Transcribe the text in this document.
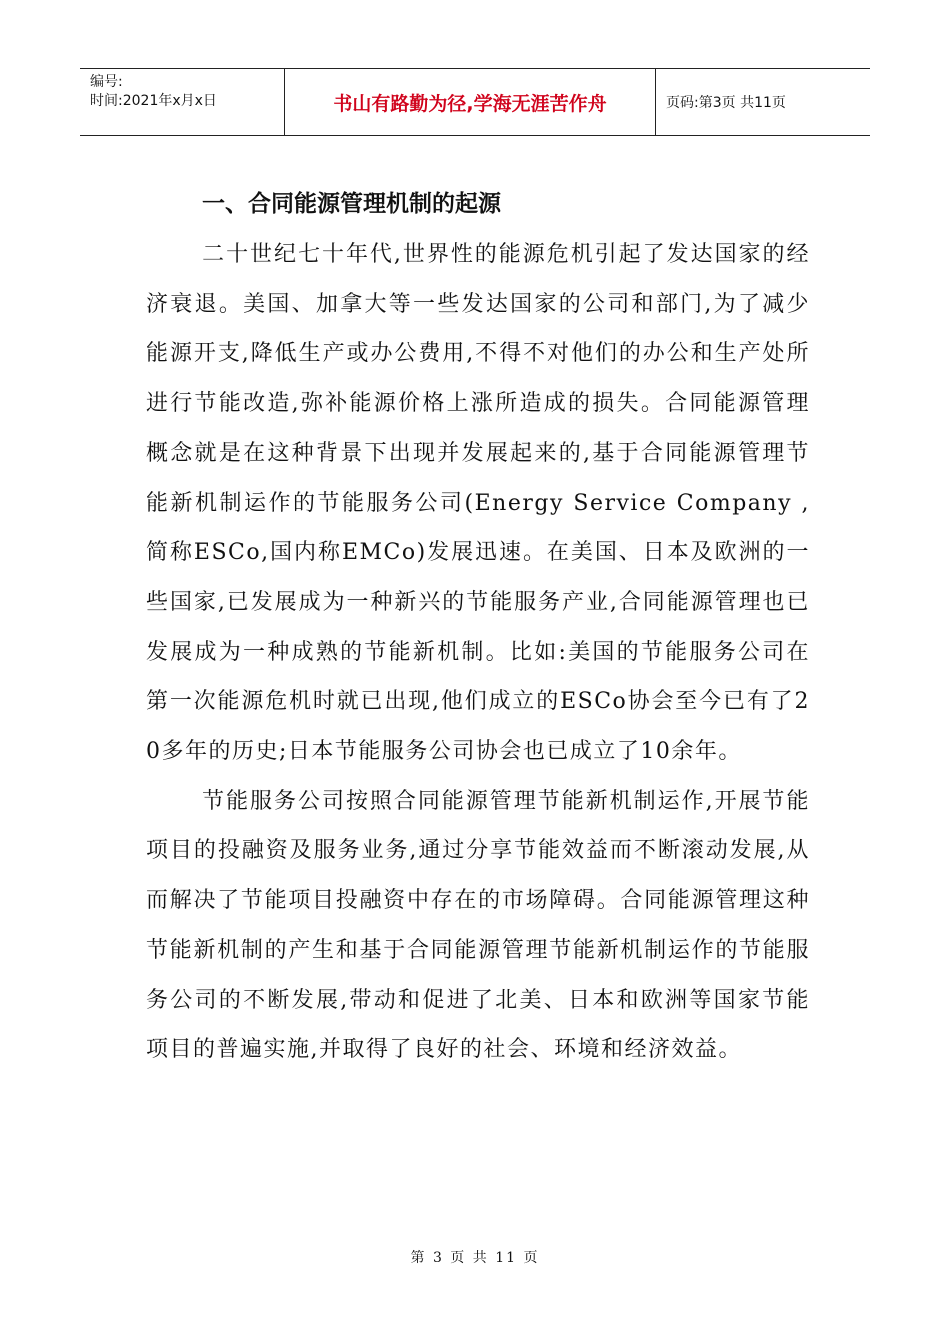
编号:
时间:2021年x月x日	书山有路勤为径,学海无涯苦作舟	页码:第3页 共11页
一、合同能源管理机制的起源

二十世纪七十年代,世界性的能源危机引起了发达国家的经济衰退。美国、加拿大等一些发达国家的公司和部门,为了减少能源开支,降低生产或办公费用,不得不对他们的办公和生产处所进行节能改造,弥补能源价格上涨所造成的损失。合同能源管理概念就是在这种背景下出现并发展起来的,基于合同能源管理节能新机制运作的节能服务公司(Energy Service Company ,简称ESCo,国内称EMCo)发展迅速。在美国、日本及欧洲的一些国家,已发展成为一种新兴的节能服务产业,合同能源管理也已发展成为一种成熟的节能新机制。比如:美国的节能服务公司在第一次能源危机时就已出现,他们成立的ESCo协会至今已有了20多年的历史;日本节能服务公司协会也已成立了10余年。

节能服务公司按照合同能源管理节能新机制运作,开展节能项目的投融资及服务业务,通过分享节能效益而不断滚动发展,从而解决了节能项目投融资中存在的市场障碍。合同能源管理这种节能新机制的产生和基于合同能源管理节能新机制运作的节能服务公司的不断发展,带动和促进了北美、日本和欧洲等国家节能项目的普遍实施,并取得了良好的社会、环境和经济效益。

第 3 页 共 11 页
